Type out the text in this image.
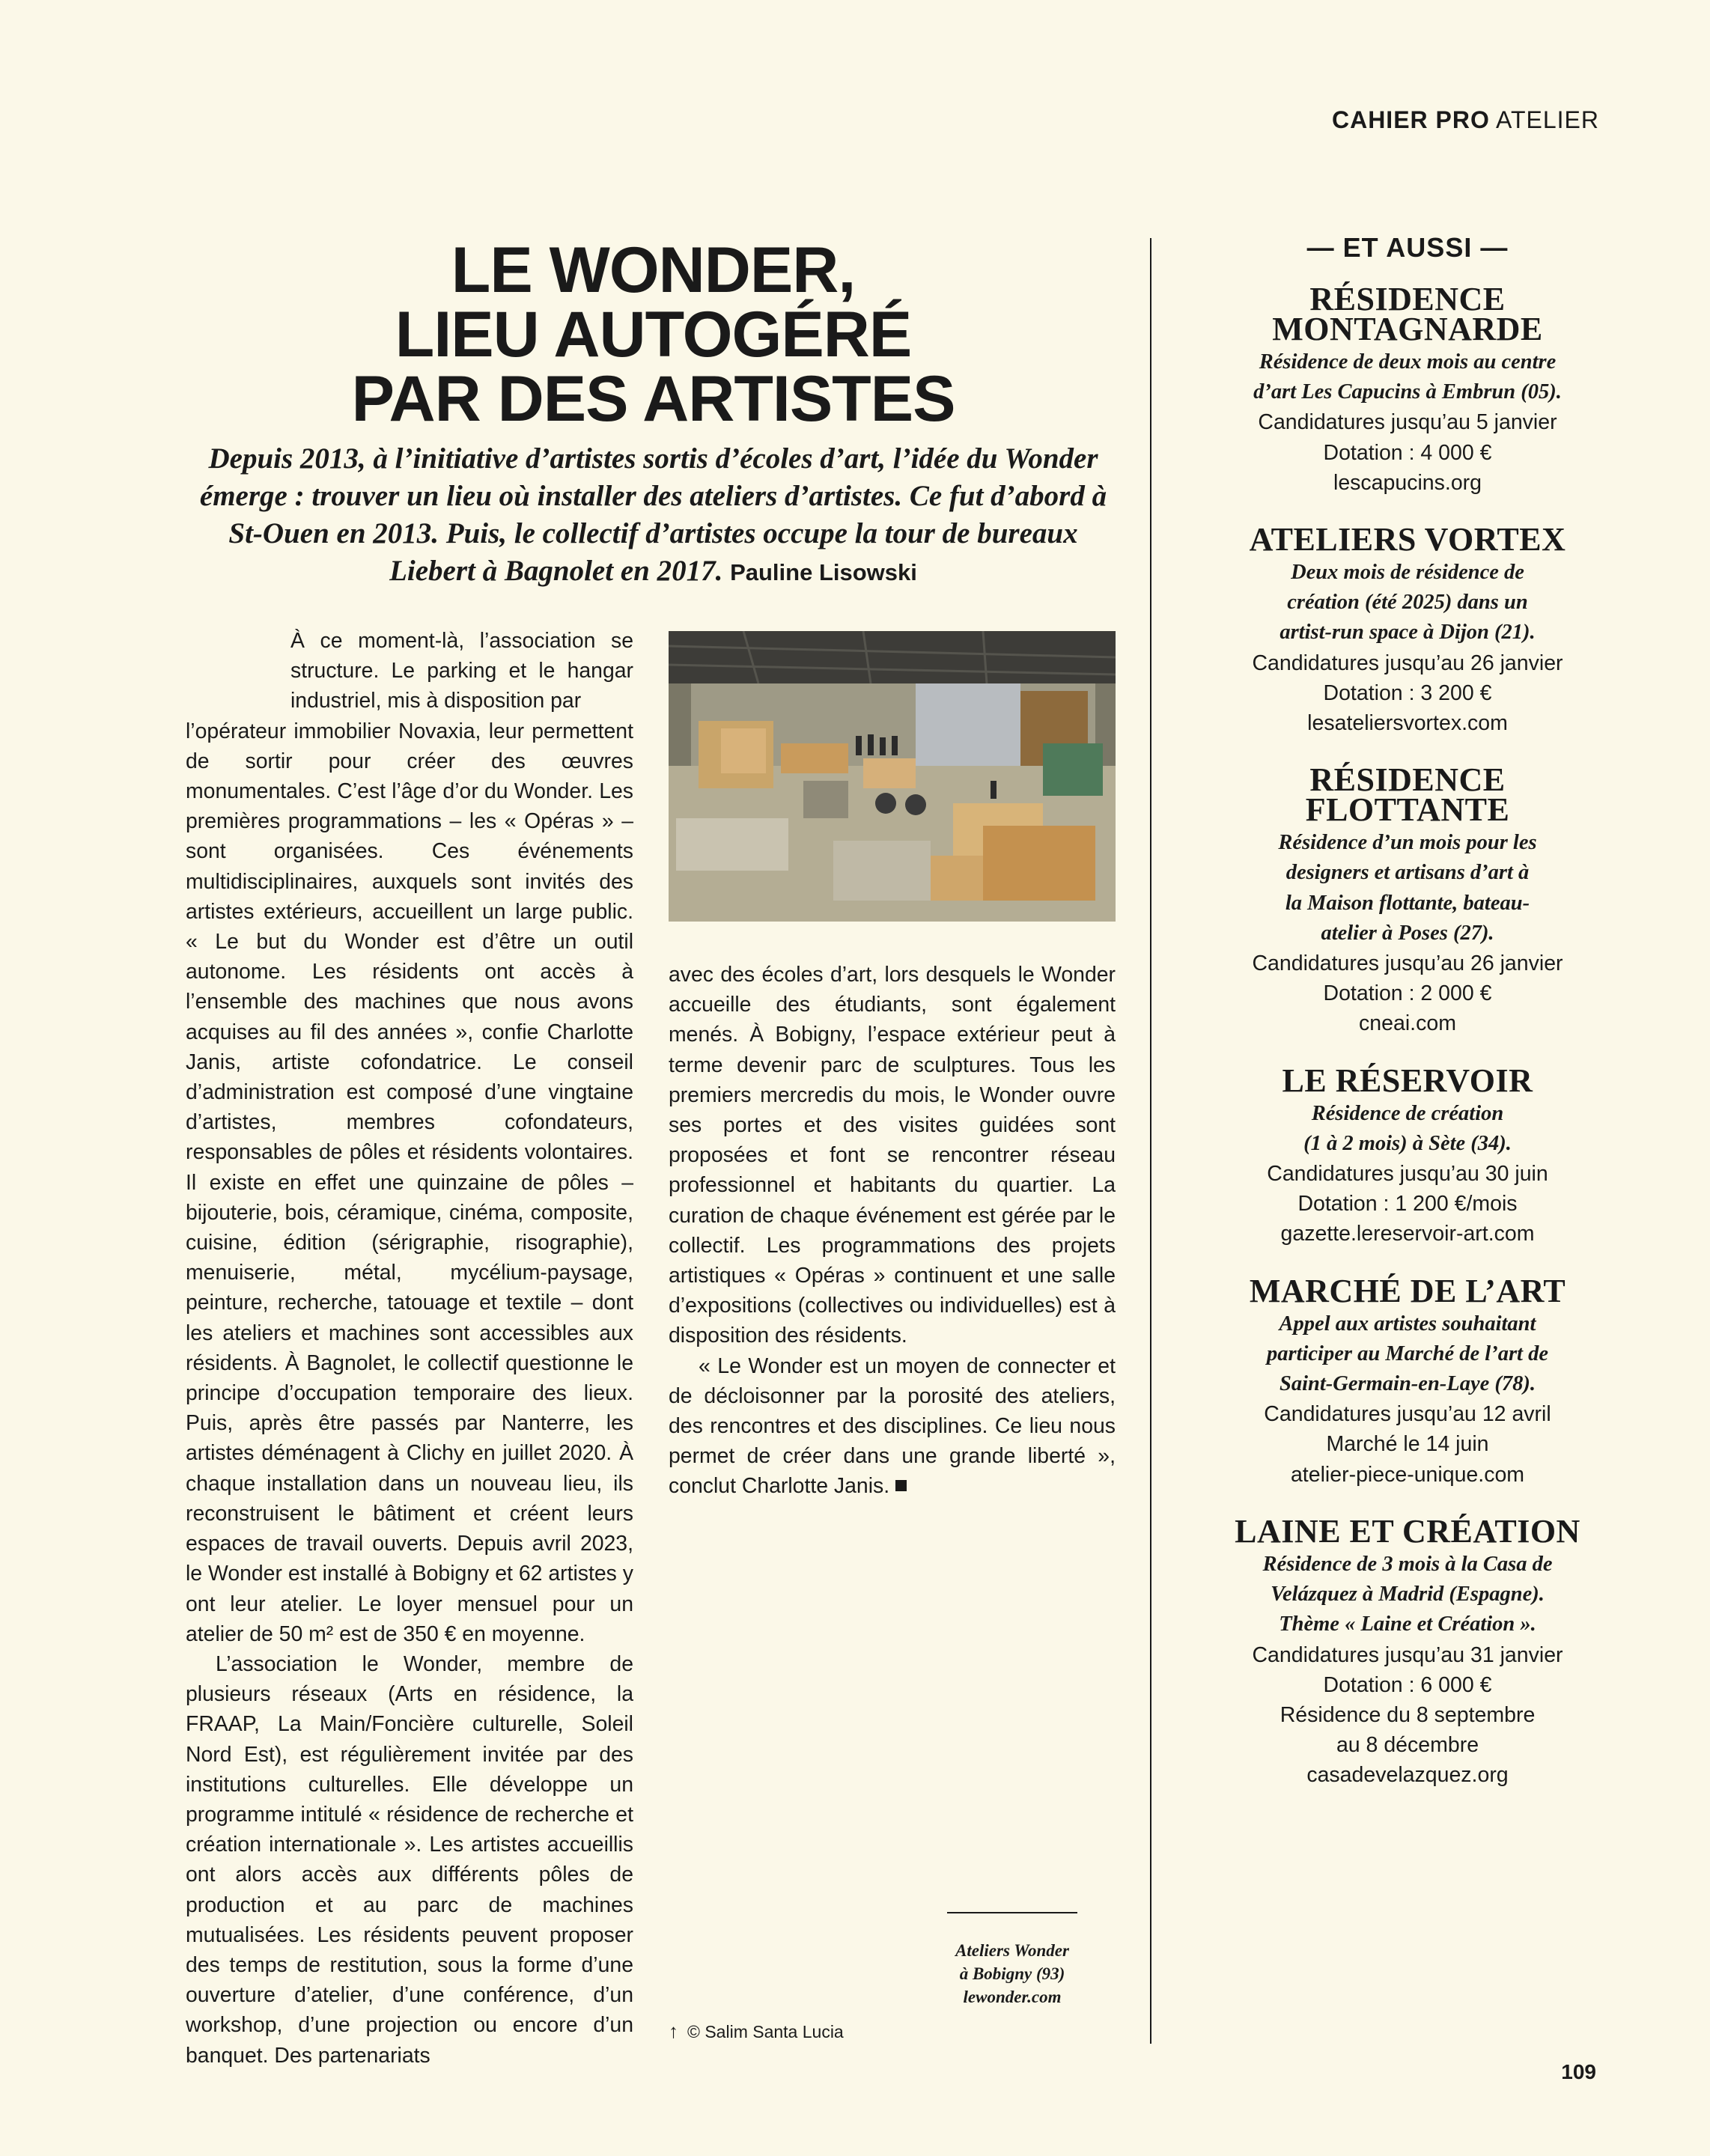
CAHIER PRO ATELIER
LE WONDER,
LIEU AUTOGÉRÉ
PAR DES ARTISTES

Depuis 2013, à l’initiative d’artistes sortis d’écoles d’art, l’idée du Wonder émerge : trouver un lieu où installer des ateliers d’artistes. Ce fut d’abord à St-Ouen en 2013. Puis, le collectif d’artistes occupe la tour de bureaux Liebert à Bagnolet en 2017. Pauline Lisowski

À ce moment-là, l’association se structure. Le parking et le hangar industriel, mis à disposition par

l’opérateur immobilier Novaxia, leur permettent de sortir pour créer des œuvres monumentales. C’est l’âge d’or du Wonder. Les premières programmations – les « Opéras » – sont organisées. Ces événements multidisciplinaires, auxquels sont invités des artistes extérieurs, accueillent un large public. « Le but du Wonder est d’être un outil autonome. Les résidents ont accès à l’ensemble des machines que nous avons acquises au fil des années », confie Charlotte Janis, artiste cofondatrice. Le conseil d’administration est composé d’une vingtaine d’artistes, membres cofondateurs, responsables de pôles et résidents volontaires. Il existe en effet une quinzaine de pôles – bijouterie, bois, céramique, cinéma, composite, cuisine, édition (sérigraphie, risographie), menuiserie, métal, mycélium-paysage, peinture, recherche, tatouage et textile – dont les ateliers et machines sont accessibles aux résidents. À Bagnolet, le collectif questionne le principe d’occupation temporaire des lieux. Puis, après être passés par Nanterre, les artistes déménagent à Clichy en juillet 2020. À chaque installation dans un nouveau lieu, ils reconstruisent le bâtiment et créent leurs espaces de travail ouverts. Depuis avril 2023, le Wonder est installé à Bobigny et 62 artistes y ont leur atelier. Le loyer mensuel pour un atelier de 50 m² est de 350 € en moyenne.

L’association le Wonder, membre de plusieurs réseaux (Arts en résidence, la FRAAP, La Main/Foncière culturelle, Soleil Nord Est), est régulièrement invitée par des institutions culturelles. Elle développe un programme intitulé « résidence de recherche et création internationale ». Les artistes accueillis ont alors accès aux différents pôles de production et au parc de machines mutualisées. Les résidents peuvent proposer des temps de restitution, sous la forme d’une ouverture d’atelier, d’une conférence, d’un workshop, d’une projection ou encore d’un banquet. Des partenariats

avec des écoles d’art, lors desquels le Wonder accueille des étudiants, sont également menés. À Bobigny, l’espace extérieur peut à terme devenir parc de sculptures. Tous les premiers mercredis du mois, le Wonder ouvre ses portes et des visites guidées sont proposées et font se rencontrer réseau professionnel et habitants du quartier. La curation de chaque événement est gérée par le collectif. Les programmations des projets artistiques « Opéras » continuent et une salle d’expositions (collectives ou individuelles) est à disposition des résidents.

« Le Wonder est un moyen de connecter et de décloisonner par la porosité des ateliers, des rencontres et des disciplines. Ce lieu nous permet de créer dans une grande liberté », conclut Charlotte Janis.

Ateliers Wonder
à Bobigny (93)
lewonder.com

↑ © Salim Santa Lucia
— ET AUSSI —
RÉSIDENCE
MONTAGNARDE

Résidence de deux mois au centre
d’art Les Capucins à Embrun (05).

Candidatures jusqu’au 5 janvier
Dotation : 4 000 €
lescapucins.org

ATELIERS VORTEX

Deux mois de résidence de
création (été 2025) dans un
artist-run space à Dijon (21).

Candidatures jusqu’au 26 janvier
Dotation : 3 200 €
lesateliersvortex.com

RÉSIDENCE
FLOTTANTE

Résidence d’un mois pour les
designers et artisans d’art à
la Maison flottante, bateau-
atelier à Poses (27).

Candidatures jusqu’au 26 janvier
Dotation : 2 000 €
cneai.com

LE RÉSERVOIR

Résidence de création
(1 à 2 mois) à Sète (34).

Candidatures jusqu’au 30 juin
Dotation : 1 200 €/mois
gazette.lereservoir-art.com

MARCHÉ DE L’ART

Appel aux artistes souhaitant
participer au Marché de l’art de
Saint-Germain-en-Laye (78).

Candidatures jusqu’au 12 avril
Marché le 14 juin
atelier-piece-unique.com

LAINE ET CRÉATION

Résidence de 3 mois à la Casa de
Velázquez à Madrid (Espagne).
Thème « Laine et Création ».

Candidatures jusqu’au 31 janvier
Dotation : 6 000 €
Résidence du 8 septembre
au 8 décembre
casadevelazquez.org

109
